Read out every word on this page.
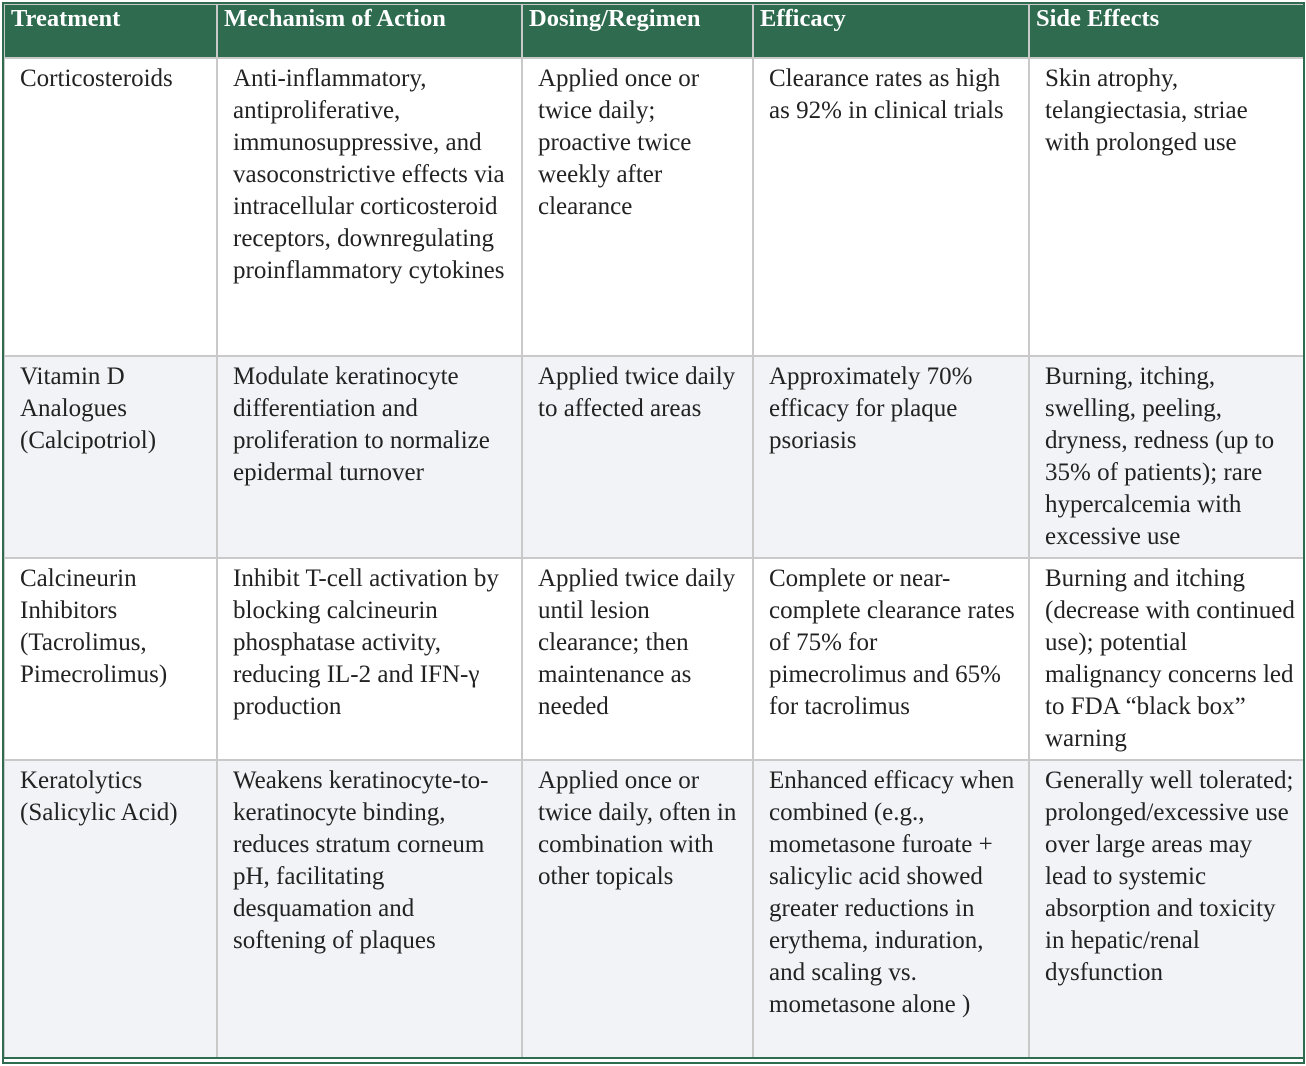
Treatment	Mechanism of Action	Dosing/Regimen	Efficacy	Side Effects
Corticosteroids	Anti-inflammatory, antiproliferative, immunosuppressive, and vasoconstrictive effects via intracellular corticosteroid receptors, downregulating proinflammatory cytokines	Applied once or twice daily; proactive twice weekly after clearance	Clearance rates as high as 92% in clinical trials	Skin atrophy, telangiectasia, striae with prolonged use
Vitamin D Analogues (Calcipotriol)	Modulate keratinocyte differentiation and proliferation to normalize epidermal turnover	Applied twice daily to affected areas	Approximately 70% efficacy for plaque psoriasis	Burning, itching, swelling, peeling, dryness, redness (up to 35% of patients); rare hypercalcemia with excessive use
Calcineurin Inhibitors (Tacrolimus, Pimecrolimus)	Inhibit T-cell activation by blocking calcineurin phosphatase activity, reducing IL-2 and IFN-γ production	Applied twice daily until lesion clearance; then maintenance as needed	Complete or near-complete clearance rates of 75% for pimecrolimus and 65% for tacrolimus	Burning and itching (decrease with continued use); potential malignancy concerns led to FDA “black box” warning
Keratolytics (Salicylic Acid)	Weakens keratinocyte-to-keratinocyte binding, reduces stratum corneum pH, facilitating desquamation and softening of plaques	Applied once or twice daily, often in combination with other topicals	Enhanced efficacy when combined (e.g., mometasone furoate + salicylic acid showed greater reductions in erythema, induration, and scaling vs. mometasone alone )	Generally well tolerated; prolonged/excessive use over large areas may lead to systemic absorption and toxicity in hepatic/renal dysfunction
